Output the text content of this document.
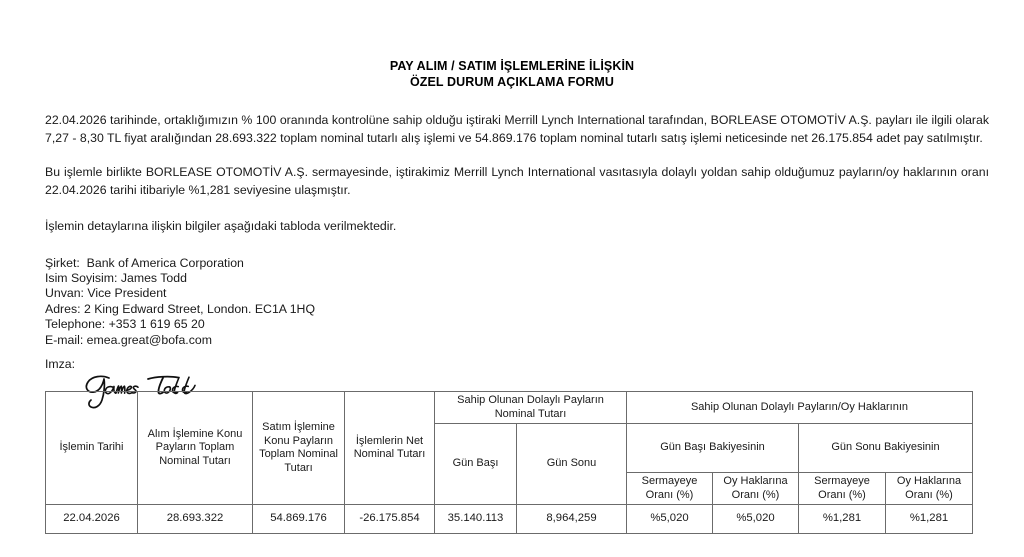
PAY ALIM / SATIM İŞLEMLERİNE İLİŞKİN
ÖZEL DURUM AÇIKLAMA FORMU
22.04.2026 tarihinde, ortaklığımızın % 100 oranında kontrolüne sahip olduğu iştiraki Merrill Lynch International tarafından, BORLEASE OTOMOTİV A.Ş. payları ile ilgili olarak 7,27 - 8,30 TL fiyat aralığından 28.693.322 toplam nominal tutarlı alış işlemi ve 54.869.176 toplam nominal tutarlı satış işlemi neticesinde net 26.175.854 adet pay satılmıştır.
Bu işlemle birlikte BORLEASE OTOMOTİV A.Ş. sermayesinde, iştirakimiz Merrill Lynch International vasıtasıyla dolaylı yoldan sahip olduğumuz payların/oy haklarının oranı 22.04.2026 tarihi itibariyle %1,281 seviyesine ulaşmıştır.
İşlemin detaylarına ilişkin bilgiler aşağıdaki tabloda verilmektedir.
Şirket:  Bank of America Corporation
Isim Soyisim: James Todd
Unvan: Vice President
Adres: 2 King Edward Street, London. EC1A 1HQ
Telephone: +353 1 619 65 20
E-mail: emea.great@bofa.com
Imza:
İşlemin Tarihi	Alım İşlemine Konu Payların Toplam Nominal Tutarı	Satım İşlemine Konu Payların Toplam Nominal Tutarı	İşlemlerin Net Nominal Tutarı	Sahip Olunan Dolaylı Payların Nominal Tutarı		Sahip Olunan Dolaylı Payların/Oy Haklarının			
				Gün Başı	Gün Sonu	Gün Başı Bakiyesinin		Gün Sonu Bakiyesinin	
						Sermayeye Oranı (%)	Oy Haklarına Oranı (%)	Sermayeye Oranı (%)	Oy Haklarına Oranı (%)
22.04.2026	28.693.322	54.869.176	-26.175.854	35.140.113	8,964,259	%5,020	%5,020	%1,281	%1,281
